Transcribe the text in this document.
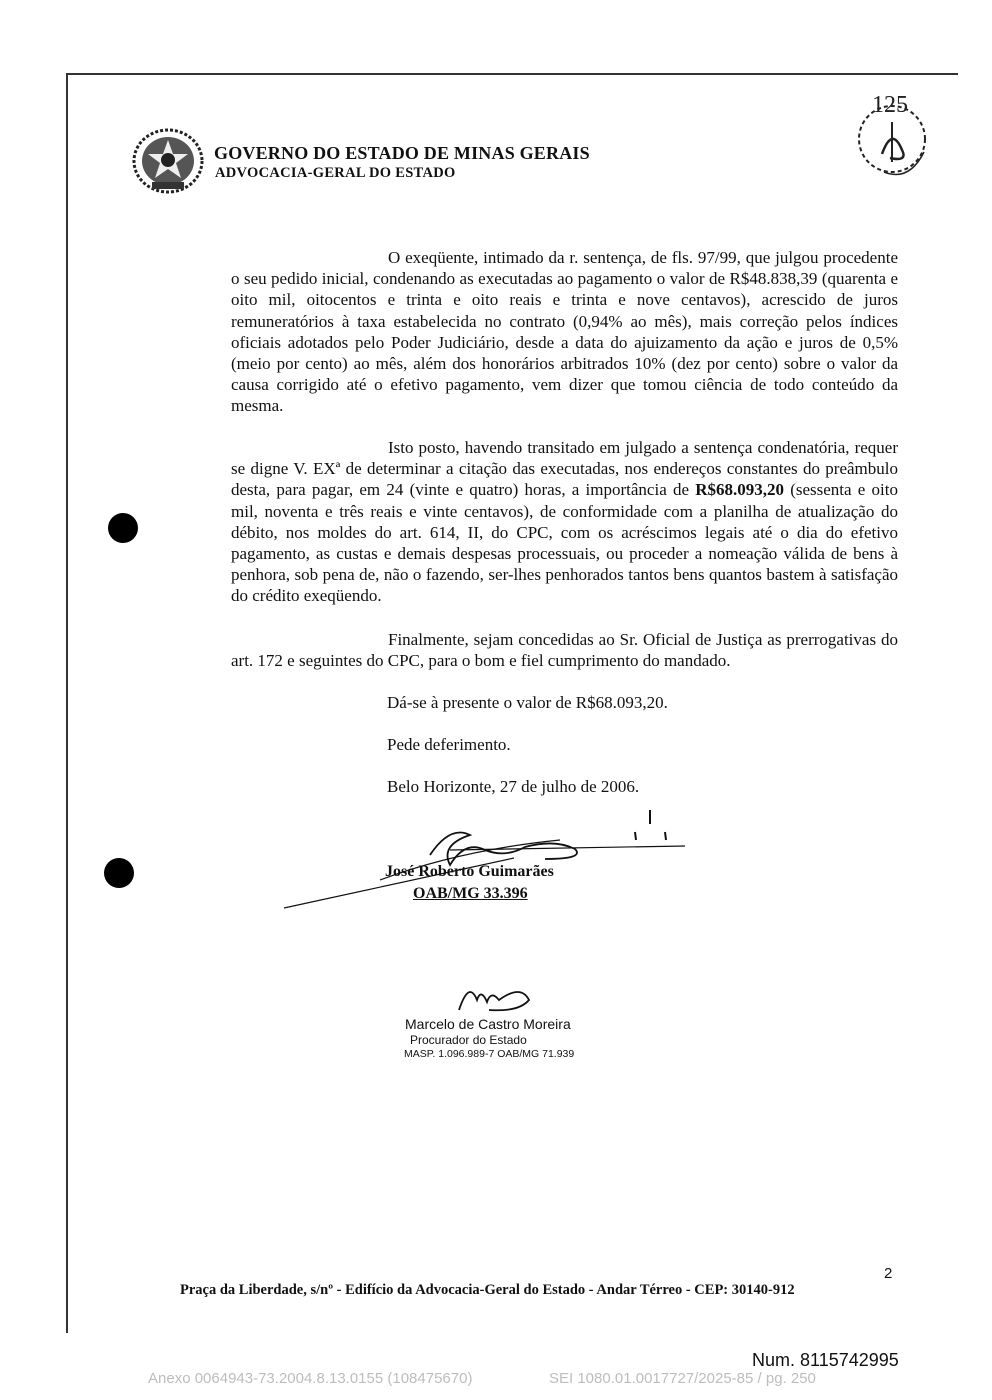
GOVERNO DO ESTADO DE MINAS GERAIS
ADVOCACIA-GERAL DO ESTADO
125
O exeqüente, intimado da r. sentença, de fls. 97/99, que julgou procedente o seu pedido inicial, condenando as executadas ao pagamento o valor de R$48.838,39 (quarenta e oito mil, oitocentos e trinta e oito reais e trinta e nove centavos), acrescido de juros remuneratórios à taxa estabelecida no contrato (0,94% ao mês), mais correção pelos índices oficiais adotados pelo Poder Judiciário, desde a data do ajuizamento da ação e juros de 0,5% (meio por cento) ao mês, além dos honorários arbitrados 10% (dez por cento) sobre o valor da causa corrigido até o efetivo pagamento, vem dizer que tomou ciência de todo conteúdo da mesma.
Isto posto, havendo transitado em julgado a sentença condenatória, requer se digne V. EXª de determinar a citação das executadas, nos endereços constantes do preâmbulo desta, para pagar, em 24 (vinte e quatro) horas, a importância de R$68.093,20 (sessenta e oito mil, noventa e três reais e vinte centavos), de conformidade com a planilha de atualização do débito, nos moldes do art. 614, II, do CPC, com os acréscimos legais até o dia do efetivo pagamento, as custas e demais despesas processuais, ou proceder a nomeação válida de bens à penhora, sob pena de, não o fazendo, ser-lhes penhorados tantos bens quantos bastem à satisfação do crédito exeqüendo.
Finalmente, sejam concedidas ao Sr. Oficial de Justiça as prerrogativas do art. 172 e seguintes do CPC, para o bom e fiel cumprimento do mandado.
Dá-se à presente o valor de R$68.093,20.
Pede deferimento.
Belo Horizonte, 27 de julho de 2006.
José Roberto Guimarães
OAB/MG 33.396
Marcelo de Castro Moreira
Procurador do Estado
MASP. 1.096.989-7 OAB/MG 71.939
Praça da Liberdade, s/nº - Edifício da Advocacia-Geral do Estado - Andar Térreo - CEP: 30140-912
2
Num. 8115742995
Anexo 0064943-73.2004.8.13.0155 (108475670)	SEI 1080.01.0017727/2025-85 / pg. 250
